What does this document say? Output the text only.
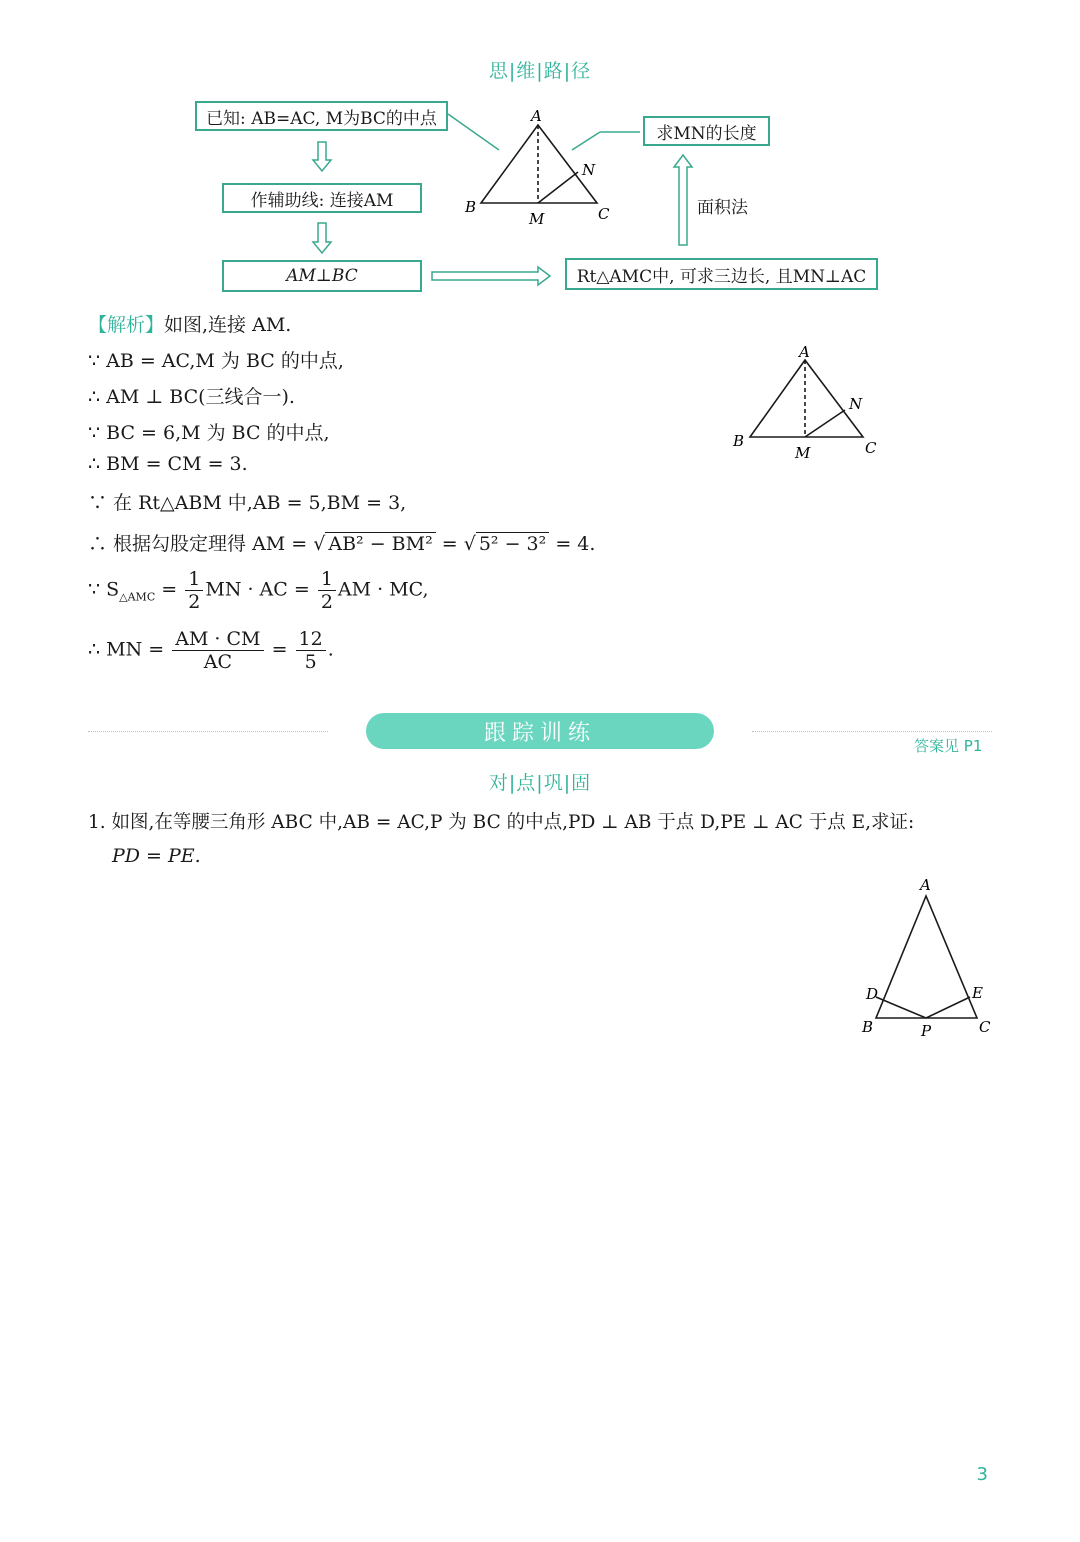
思|维|路|径
已知: AB=AC, M为BC的中点
作辅助线: 连接AM
AM⊥BC
求MN的长度
Rt△AMC中, 可求三边长, 且MN⊥AC
面积法
A
B	C
M
N
【解析】如图,连接 AM.
∵ AB = AC,M 为 BC 的中点,
∴ AM ⊥ BC(三线合一).
∵ BC = 6,M 为 BC 的中点,
∴ BM = CM = 3.
∵ 在 Rt△ABM 中,AB = 5,BM = 3,
∴ 根据勾股定理得 AM = √ AB² − BM² = √ 5² − 3² = 4.
∵ $S_{\triangle AMC} = \frac{1}{2}$ MN · AC = $\frac{1}{2}$ AM · MC,
∴ MN = $\frac{AM \cdot CM}{AC} = \frac{12}{5}$ .
A
B	C
M
N
跟踪训练
答案见 P1
对|点|巩|固
1. 如图,在等腰三角形 ABC 中,AB = AC,P 为 BC 的中点,PD ⊥ AB 于点 D,PE ⊥ AC 于点 E,求证:
PD = PE.
A
B	C
D	E
P
3
